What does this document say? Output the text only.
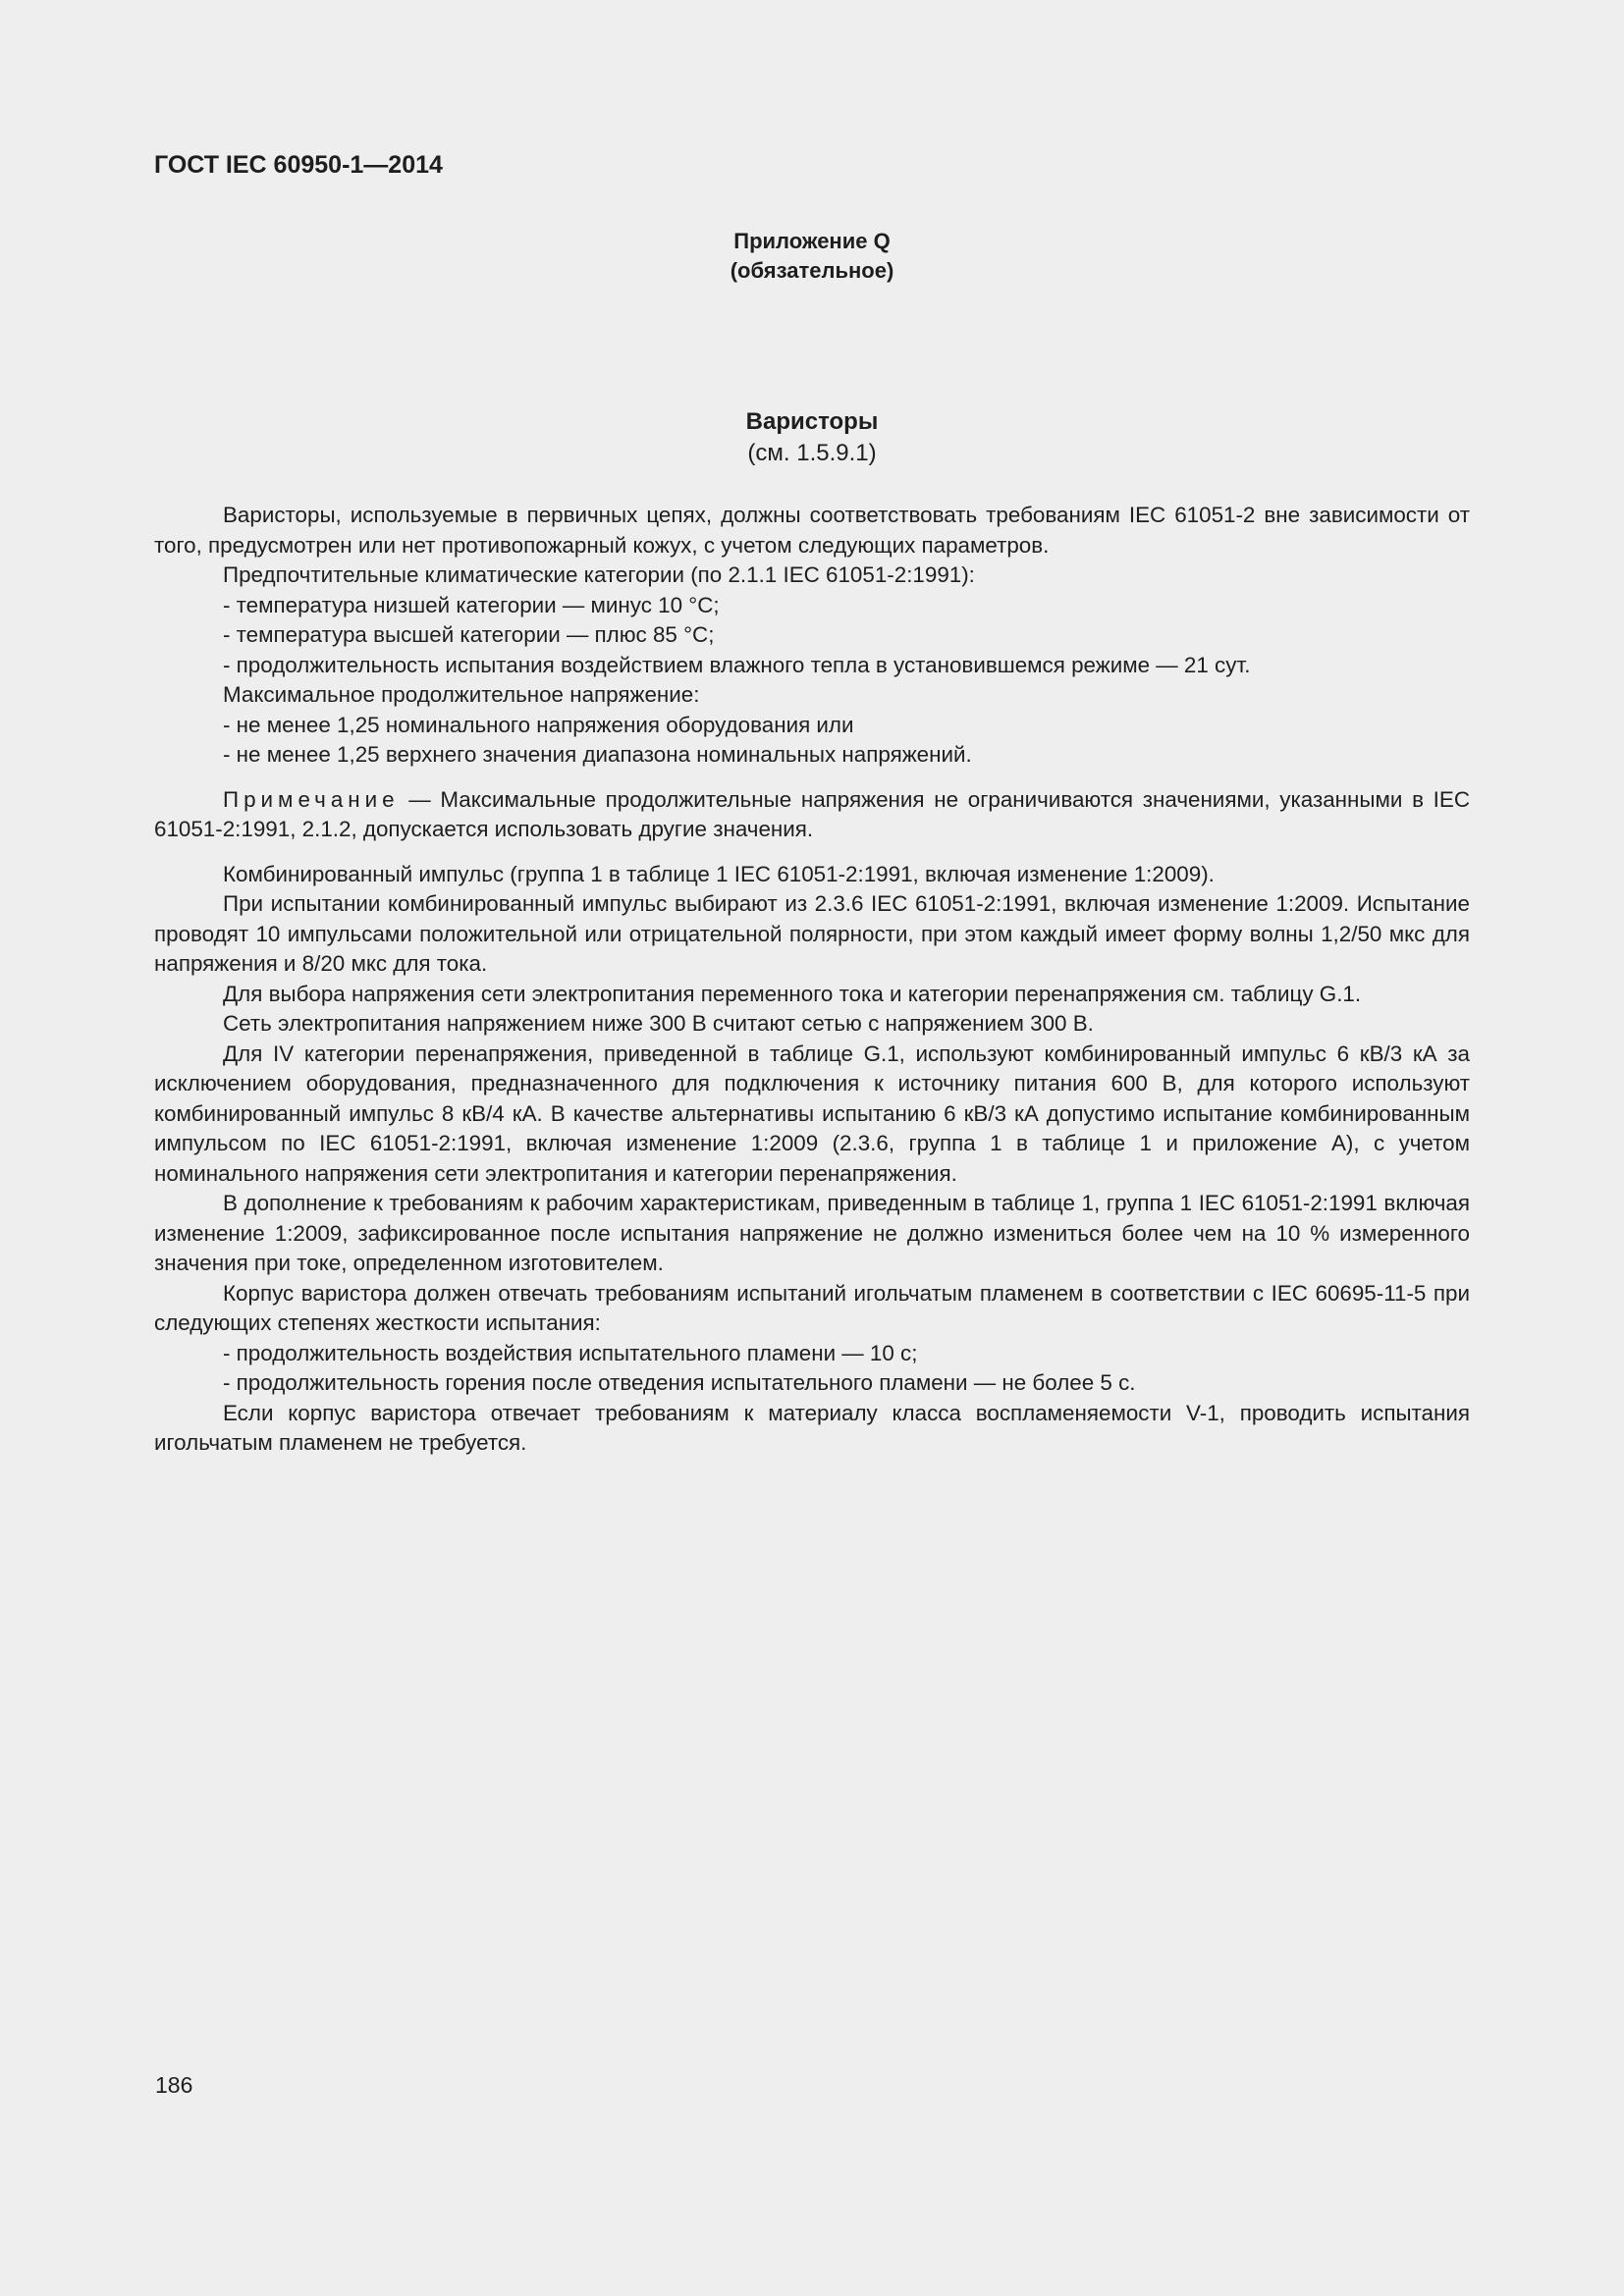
ГОСТ IEC 60950-1—2014
Приложение Q
(обязательное)
Варисторы
(см. 1.5.9.1)

Варисторы, используемые в первичных цепях, должны соответствовать требованиям IEC 61051-2 вне зависимости от того, предусмотрен или нет противопожарный кожух, с учетом следующих параметров.

Предпочтительные климатические категории (по 2.1.1 IEC 61051-2:1991):

- температура низшей категории — минус 10 °С;

- температура высшей категории — плюс 85 °С;

- продолжительность испытания воздействием влажного тепла в установившемся режиме — 21 сут.

Максимальное продолжительное напряжение:

- не менее 1,25 номинального напряжения оборудования или

- не менее 1,25 верхнего значения диапазона номинальных напряжений.

Примечание — Максимальные продолжительные напряжения не ограничиваются значениями, указанными в IEC 61051-2:1991, 2.1.2, допускается использовать другие значения.

Комбинированный импульс (группа 1 в таблице 1 IEC 61051-2:1991, включая изменение 1:2009).

При испытании комбинированный импульс выбирают из 2.3.6 IEC 61051-2:1991, включая изменение 1:2009. Испытание проводят 10 импульсами положительной или отрицательной полярности, при этом каждый имеет форму волны 1,2/50 мкс для напряжения и 8/20 мкс для тока.

Для выбора напряжения сети электропитания переменного тока и категории перенапряжения см. таблицу G.1.

Сеть электропитания напряжением ниже 300 В считают сетью с напряжением 300 В.

Для IV категории перенапряжения, приведенной в таблице G.1, используют комбинированный импульс 6 кВ/3 кА за исключением оборудования, предназначенного для подключения к источнику питания 600 В, для которого используют комбинированный импульс 8 кВ/4 кА. В качестве альтернативы испытанию 6 кВ/3 кА допустимо испытание комбинированным импульсом по IEC 61051-2:1991, включая изменение 1:2009 (2.3.6, группа 1 в таблице 1 и приложение А), с учетом номинального напряжения сети электропитания и категории перенапряжения.

В дополнение к требованиям к рабочим характеристикам, приведенным в таблице 1, группа 1 IEC 61051-2:1991 включая изменение 1:2009, зафиксированное после испытания напряжение не должно измениться более чем на 10 % измеренного значения при токе, определенном изготовителем.

Корпус варистора должен отвечать требованиям испытаний игольчатым пламенем в соответствии с IEC 60695-11-5 при следующих степенях жесткости испытания:

- продолжительность воздействия испытательного пламени — 10 с;

- продолжительность горения после отведения испытательного пламени — не более 5 с.

Если корпус варистора отвечает требованиям к материалу класса воспламеняемости V-1, проводить испытания игольчатым пламенем не требуется.

186
